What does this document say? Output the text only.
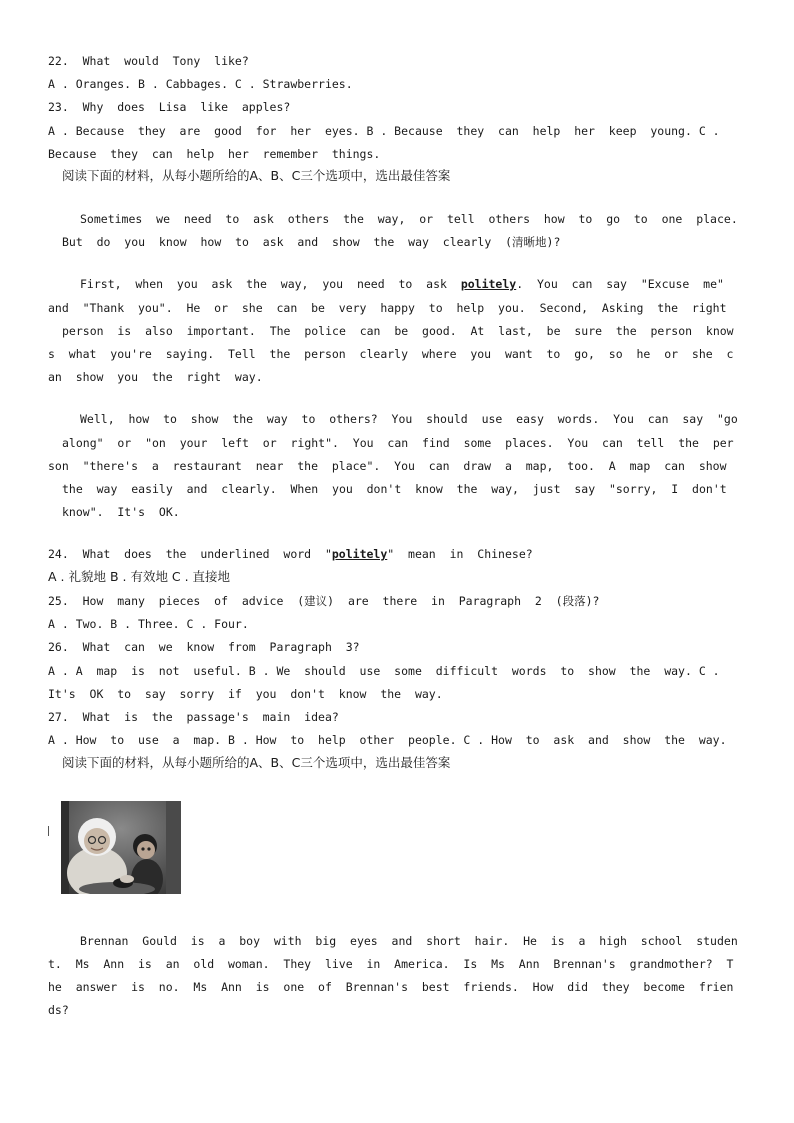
22.  What  would  Tony  like?
A . Oranges. B . Cabbages. C . Strawberries.
23.  Why  does  Lisa  like  apples?
A . Because  they  are  good  for  her  eyes. B . Because  they  can  help  her  keep  young. C .
Because  they  can  help  her  remember  things.
阅读下面的材料，从每小题所给的A、B、C三个选项中，选出最佳答案
Sometimes  we  need  to  ask  others  the  way,  or  tell  others  how  to  go  to  one  place.
But  do  you  know  how  to  ask  and  show  the  way  clearly  (清晰地)?
First,  when  you  ask  the  way,  you  need  to  ask  politely.  You  can  say  "Excuse  me"
and  "Thank  you".  He  or  she  can  be  very  happy  to  help  you.  Second,  Asking  the  right
person  is  also  important.  The  police  can  be  good.  At  last,  be  sure  the  person  know
s  what  you're  saying.  Tell  the  person  clearly  where  you  want  to  go,  so  he  or  she  c
an  show  you  the  right  way.
Well,  how  to  show  the  way  to  others?  You  should  use  easy  words.  You  can  say  "go
along"  or  "on  your  left  or  right".  You  can  find  some  places.  You  can  tell  the  per
son  "there's  a  restaurant  near  the  place".  You  can  draw  a  map,  too.  A  map  can  show
the  way  easily  and  clearly.  When  you  don't  know  the  way,  just  say  "sorry,  I  don't
know".  It's  OK.
24.  What  does  the  underlined  word  "politely"  mean  in  Chinese?
A . 礼貌地 B . 有效地 C . 直接地
25.  How  many  pieces  of  advice  (建议)  are  there  in  Paragraph  2  (段落)?
A . Two. B . Three. C . Four.
26.  What  can  we  know  from  Paragraph  3?
A . A  map  is  not  useful. B . We  should  use  some  difficult  words  to  show  the  way. C .
It's  OK  to  say  sorry  if  you  don't  know  the  way.
27.  What  is  the  passage's  main  idea?
A . How  to  use  a  map. B . How  to  help  other  people. C . How  to  ask  and  show  the  way.
阅读下面的材料，从每小题所给的A、B、C三个选项中，选出最佳答案
Brennan  Gould  is  a  boy  with  big  eyes  and  short  hair.  He  is  a  high  school  studen
t.  Ms  Ann  is  an  old  woman.  They  live  in  America.  Is  Ms  Ann  Brennan's  grandmother?  T
he  answer  is  no.  Ms  Ann  is  one  of  Brennan's  best  friends.  How  did  they  become  frien
ds?
